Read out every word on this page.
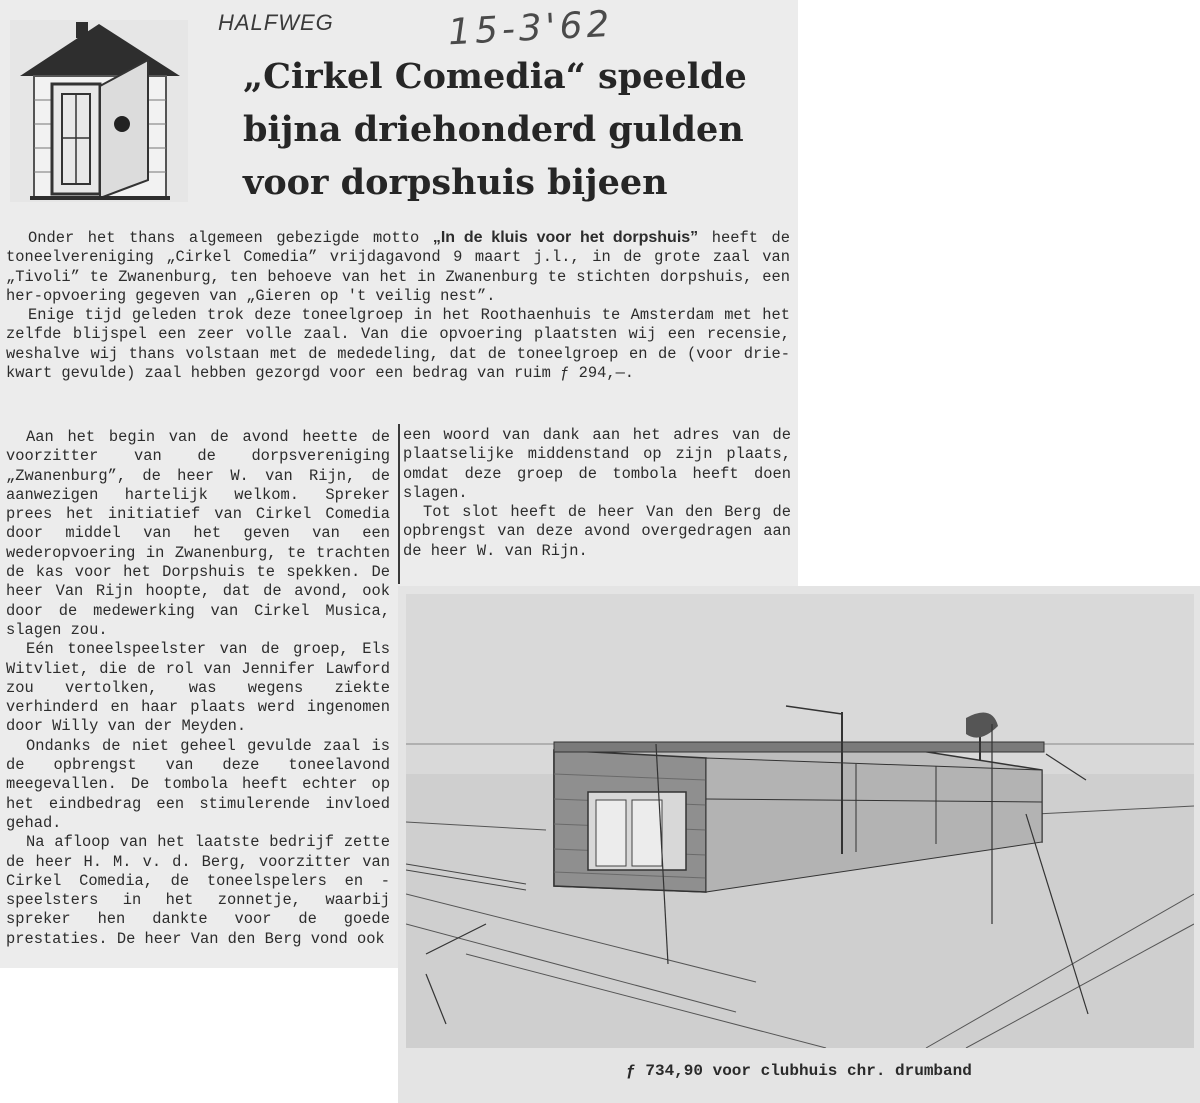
HALFWEG	15-3'62
„Cirkel Comedia“ speelde
bijna driehonderd gulden
voor dorpshuis bijeen

Onder het thans algemeen gebezigde motto „In de kluis voor het dorpshuis” heeft de toneelvereniging „Cirkel Comedia” vrijdagavond 9 maart j.l., in de grote zaal van „Tivoli” te Zwanenburg, ten behoeve van het in Zwanenburg te stichten dorpshuis, een her-opvoering gegeven van „Gieren op 't veilig nest”.

Enige tijd geleden trok deze toneelgroep in het Roothaenhuis te Amsterdam met het zelfde blijspel een zeer volle zaal. Van die opvoering plaatsten wij een recensie, weshalve wij thans volstaan met de mededeling, dat de toneelgroep en de (voor drie-kwart gevulde) zaal hebben gezorgd voor een bedrag van ruim ƒ 294,—.

Aan het begin van de avond heette de voorzitter van de dorpsvereniging „Zwanenburg”, de heer W. van Rijn, de aanwezigen hartelijk welkom. Spreker prees het initiatief van Cirkel Comedia door middel van het geven van een wederopvoering in Zwanenburg, te trachten de kas voor het Dorpshuis te spekken. De heer Van Rijn hoopte, dat de avond, ook door de medewerking van Cirkel Musica, slagen zou.

Eén toneelspeelster van de groep, Els Witvliet, die de rol van Jennifer Lawford zou vertolken, was wegens ziekte verhinderd en haar plaats werd ingenomen door Willy van der Meyden.

Ondanks de niet geheel gevulde zaal is de opbrengst van deze toneelavond meegevallen. De tombola heeft echter op het eindbedrag een stimulerende invloed gehad.

Na afloop van het laatste bedrijf zette de heer H. M. v. d. Berg, voorzitter van Cirkel Comedia, de toneelspelers en -speelsters in het zonnetje, waarbij spreker hen dankte voor de goede prestaties. De heer Van den Berg vond ook

een woord van dank aan het adres van de plaatselijke middenstand op zijn plaats, omdat deze groep de tombola heeft doen slagen.

Tot slot heeft de heer Van den Berg de opbrengst van deze avond overgedragen aan de heer W. van Rijn.

ƒ 734,90 voor clubhuis chr. drumband
